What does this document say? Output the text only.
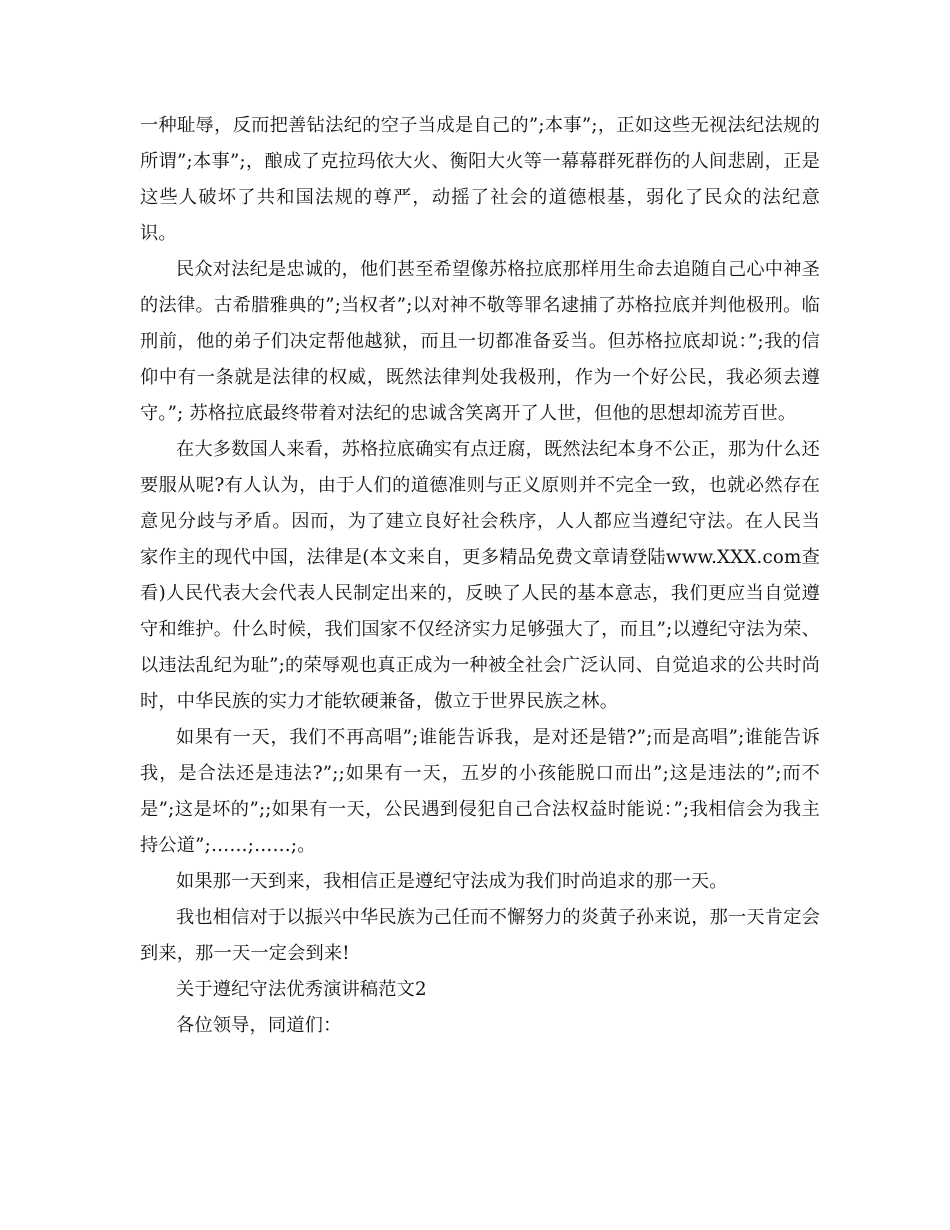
一种耻辱，反而把善钻法纪的空子当成是自己的”;本事”;，正如这些无视法纪法规的所谓”;本事”;，酿成了克拉玛依大火、衡阳大火等一幕幕群死群伤的人间悲剧，正是这些人破坏了共和国法规的尊严，动摇了社会的道德根基，弱化了民众的法纪意识。

民众对法纪是忠诚的，他们甚至希望像苏格拉底那样用生命去追随自己心中神圣的法律。古希腊雅典的”;当权者”;以对神不敬等罪名逮捕了苏格拉底并判他极刑。临刑前，他的弟子们决定帮他越狱，而且一切都准备妥当。但苏格拉底却说：”;我的信仰中有一条就是法律的权威，既然法律判处我极刑，作为一个好公民，我必须去遵守。”; 苏格拉底最终带着对法纪的忠诚含笑离开了人世，但他的思想却流芳百世。

在大多数国人来看，苏格拉底确实有点迂腐，既然法纪本身不公正，那为什么还要服从呢?有人认为，由于人们的道德准则与正义原则并不完全一致，也就必然存在意见分歧与矛盾。因而，为了建立良好社会秩序，人人都应当遵纪守法。在人民当家作主的现代中国，法律是(本文来自，更多精品免费文章请登陆www.XXX.com查看)人民代表大会代表人民制定出来的，反映了人民的基本意志，我们更应当自觉遵守和维护。什么时候，我们国家不仅经济实力足够强大了，而且”;以遵纪守法为荣、以违法乱纪为耻”;的荣辱观也真正成为一种被全社会广泛认同、自觉追求的公共时尚时，中华民族的实力才能软硬兼备，傲立于世界民族之林。

如果有一天，我们不再高唱”;谁能告诉我，是对还是错?”;而是高唱”;谁能告诉我，是合法还是违法?”;;如果有一天，五岁的小孩能脱口而出”;这是违法的”;而不是”;这是坏的”;;如果有一天，公民遇到侵犯自己合法权益时能说：”;我相信会为我主持公道”;……;……;。

如果那一天到来，我相信正是遵纪守法成为我们时尚追求的那一天。

我也相信对于以振兴中华民族为己任而不懈努力的炎黄子孙来说，那一天肯定会到来，那一天一定会到来!

关于遵纪守法优秀演讲稿范文2

各位领导，同道们：
